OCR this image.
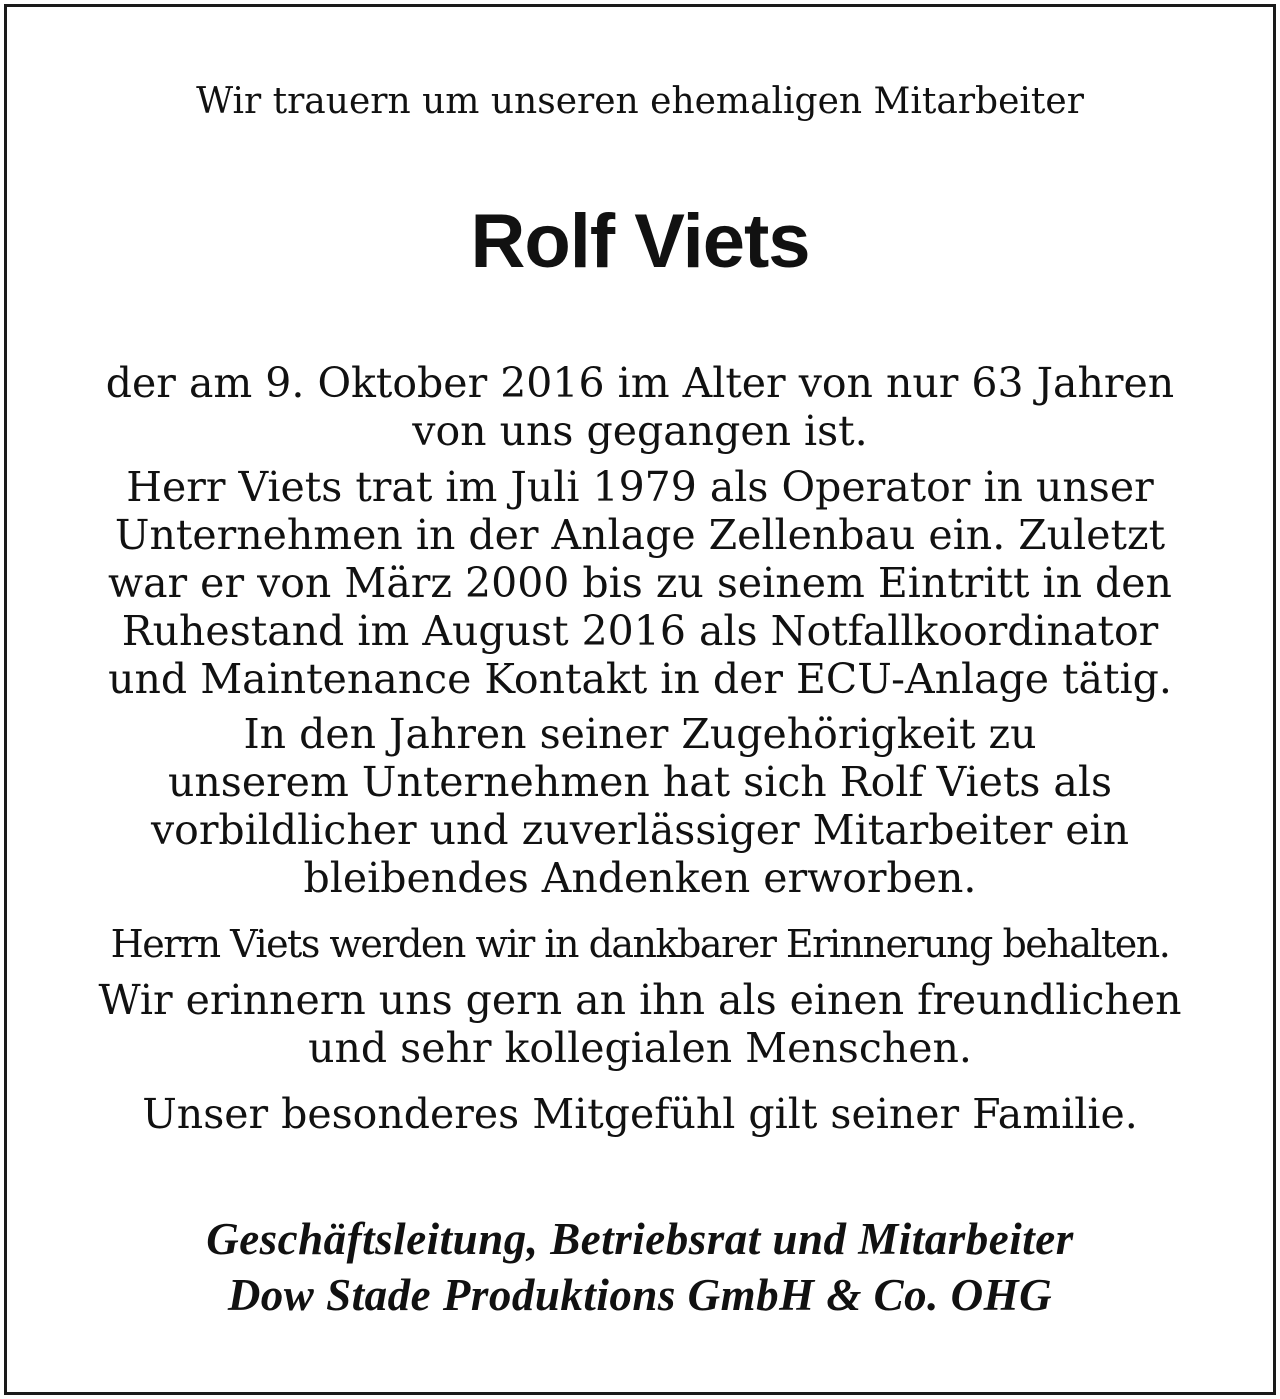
Wir trauern um unseren ehemaligen Mitarbeiter

Rolf Viets

der am 9. Oktober 2016 im Alter von nur 63 Jahren

von uns gegangen ist.

Herr Viets trat im Juli 1979 als Operator in unser

Unternehmen in der Anlage Zellenbau ein. Zuletzt

war er von März 2000 bis zu seinem Eintritt in den

Ruhestand im August 2016 als Notfallkoordinator

und Maintenance Kontakt in der ECU-Anlage tätig.

In den Jahren seiner Zugehörigkeit zu

unserem Unternehmen hat sich Rolf Viets als

vorbildlicher und zuverlässiger Mitarbeiter ein

bleibendes Andenken erworben.

Herrn Viets werden wir in dankbarer Erinnerung behalten.

Wir erinnern uns gern an ihn als einen freundlichen

und sehr kollegialen Menschen.

Unser besonderes Mitgefühl gilt seiner Familie.

Geschäftsleitung, Betriebsrat und Mitarbeiter

Dow Stade Produktions GmbH & Co. OHG
